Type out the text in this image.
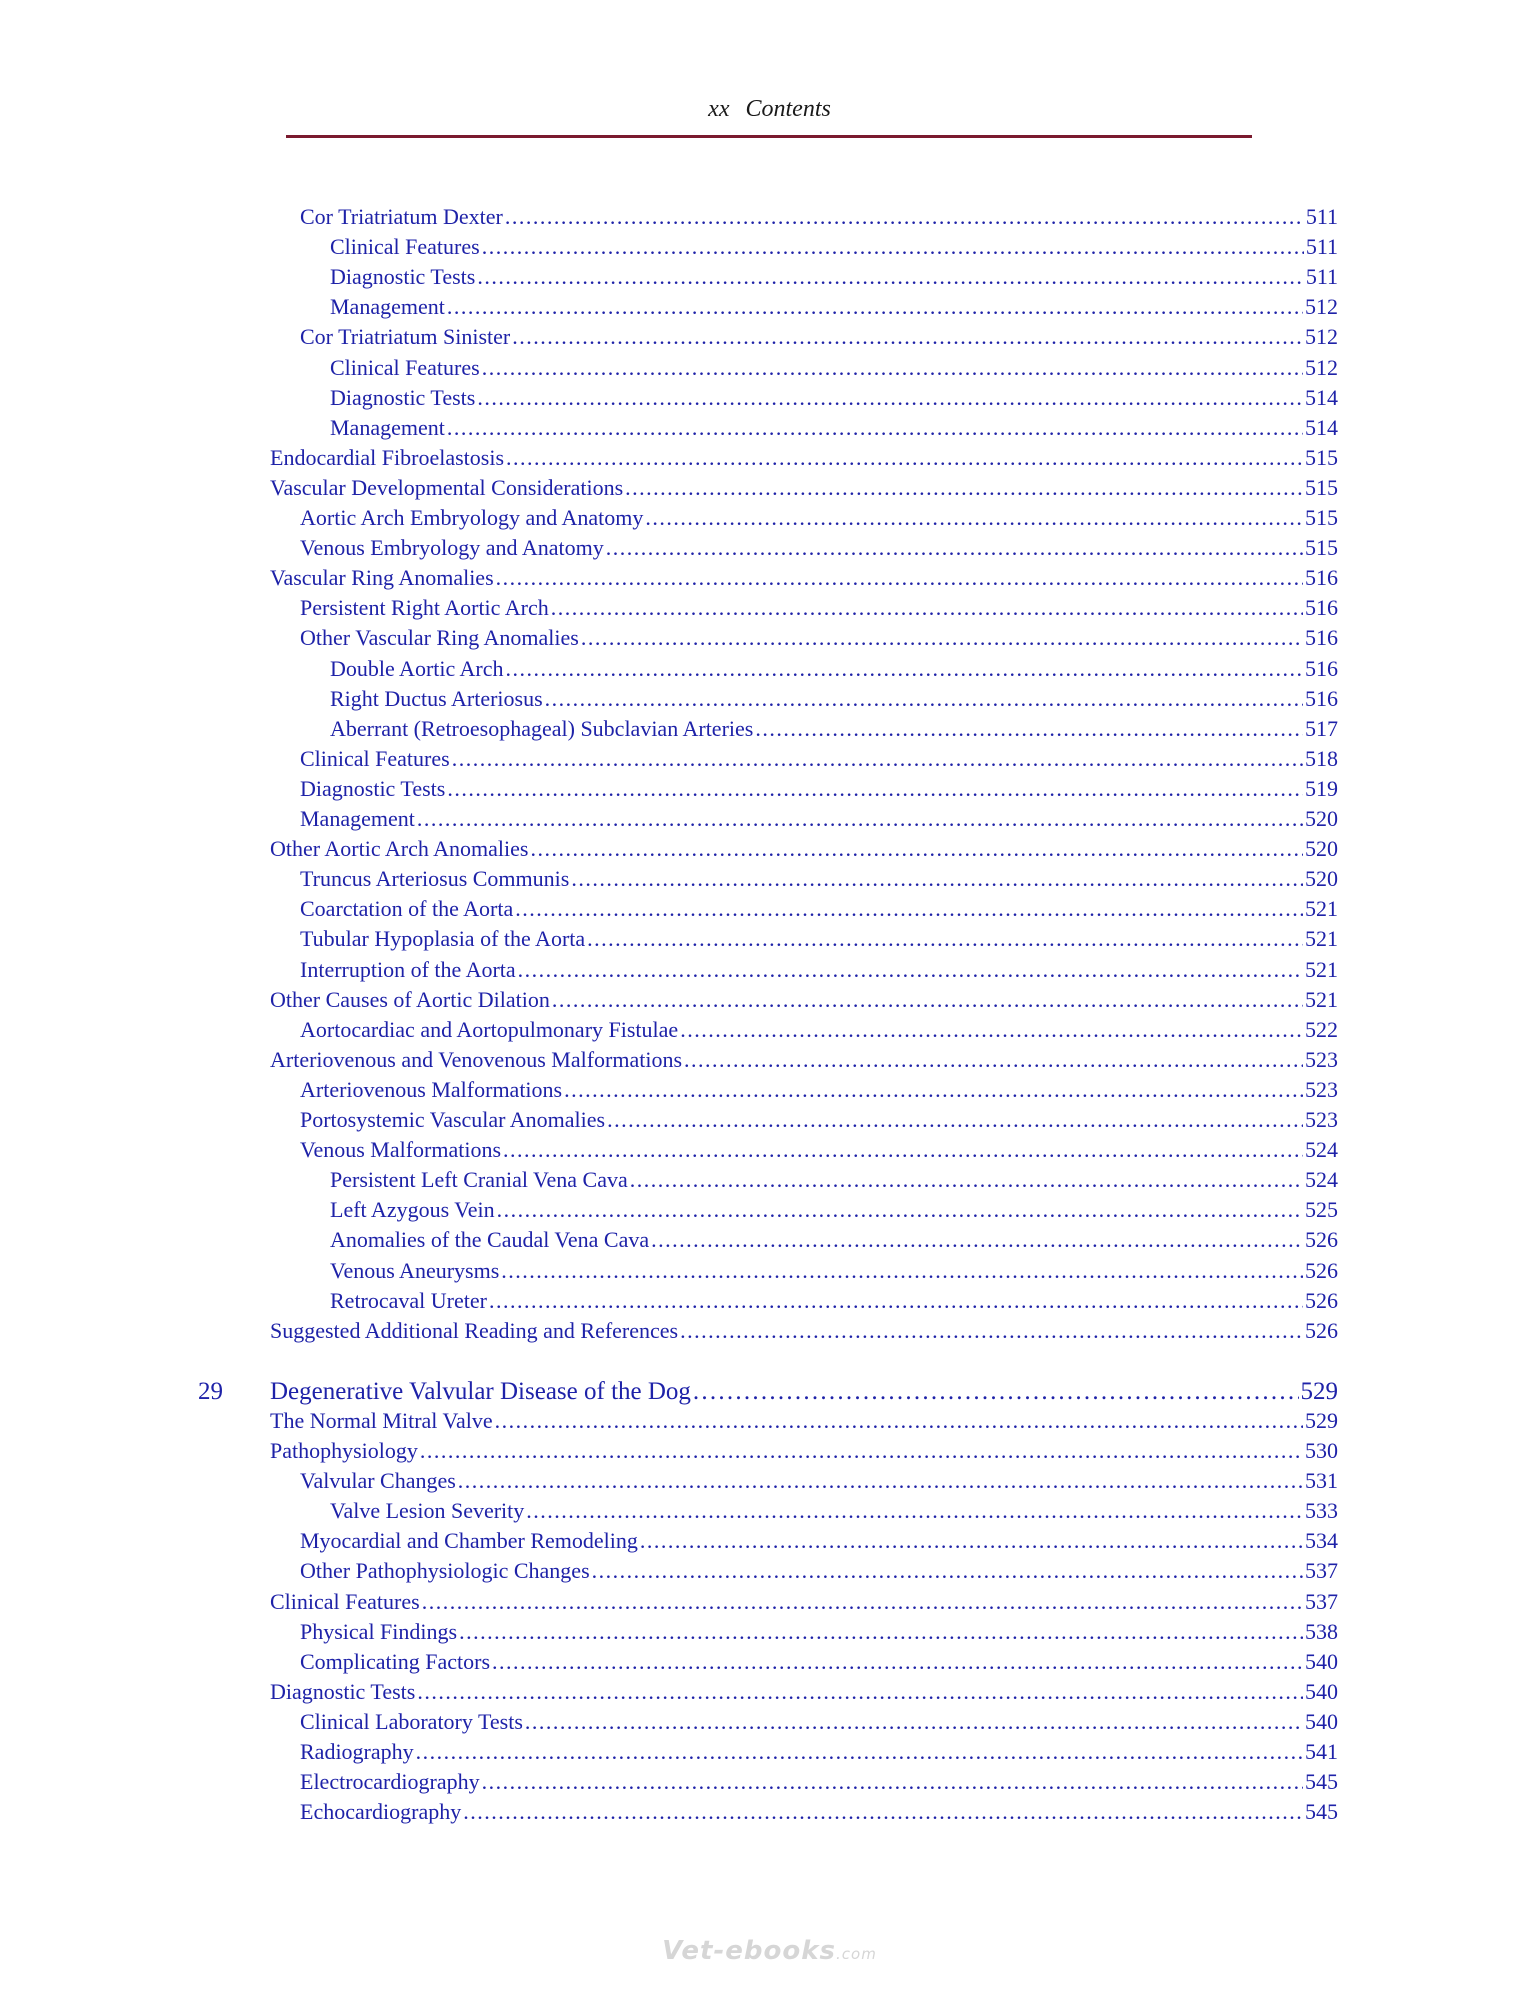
xx Contents
Cor Triatriatum Dexter . . .	511
Clinical Features . . .	511
Diagnostic Tests . . .	511
Management . . .	512
Cor Triatriatum Sinister . . .	512
Clinical Features . . .	512
Diagnostic Tests . . .	514
Management . . .	514
Endocardial Fibroelastosis . . .	515
Vascular Developmental Considerations . . .	515
Aortic Arch Embryology and Anatomy . . .	515
Venous Embryology and Anatomy . . .	515
Vascular Ring Anomalies . . .	516
Persistent Right Aortic Arch . . .	516
Other Vascular Ring Anomalies . . .	516
Double Aortic Arch . . .	516
Right Ductus Arteriosus . . .	516
Aberrant (Retroesophageal) Subclavian Arteries . . .	517
Clinical Features . . .	518
Diagnostic Tests . . .	519
Management . . .	520
Other Aortic Arch Anomalies . . .	520
Truncus Arteriosus Communis . . .	520
Coarctation of the Aorta . . .	521
Tubular Hypoplasia of the Aorta . . .	521
Interruption of the Aorta . . .	521
Other Causes of Aortic Dilation . . .	521
Aortocardiac and Aortopulmonary Fistulae . . .	522
Arteriovenous and Venovenous Malformations . . .	523
Arteriovenous Malformations . . .	523
Portosystemic Vascular Anomalies . . .	523
Venous Malformations . . .	524
Persistent Left Cranial Vena Cava . . .	524
Left Azygous Vein . . .	525
Anomalies of the Caudal Vena Cava . . .	526
Venous Aneurysms . . .	526
Retrocaval Ureter . . .	526
Suggested Additional Reading and References . . .	526
29 Degenerative Valvular Disease of the Dog . . .	529
The Normal Mitral Valve . . .	529
Pathophysiology . . .	530
Valvular Changes . . .	531
Valve Lesion Severity . . .	533
Myocardial and Chamber Remodeling . . .	534
Other Pathophysiologic Changes . . .	537
Clinical Features . . .	537
Physical Findings . . .	538
Complicating Factors . . .	540
Diagnostic Tests . . .	540
Clinical Laboratory Tests . . .	540
Radiography . . .	541
Electrocardiography . . .	545
Echocardiography . . .	545
Vet-ebooks.com
